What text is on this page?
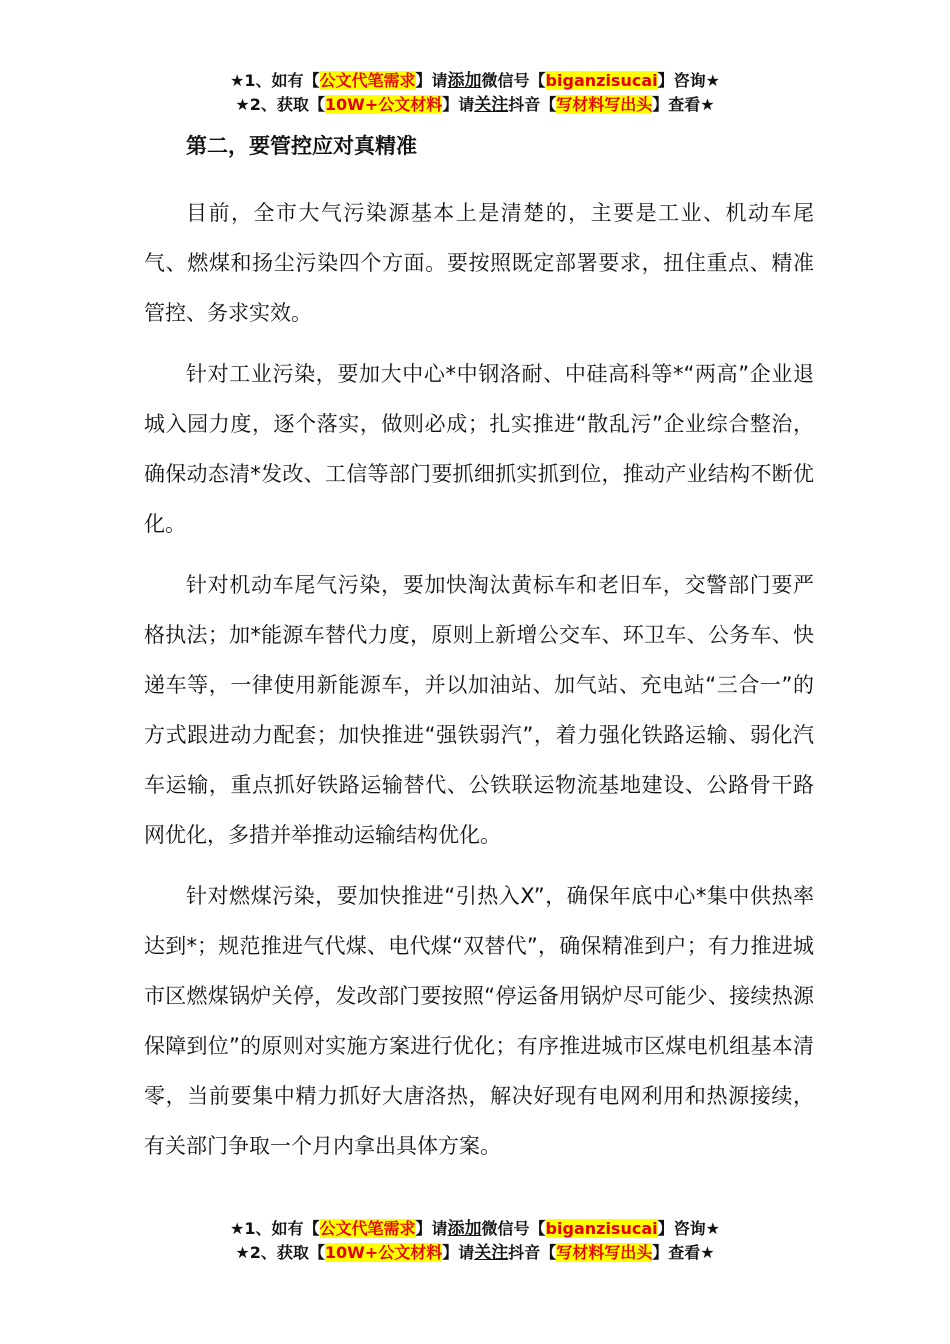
★1、如有【公文代笔需求】请添加微信号【biganzisucai】咨询★
★2、获取【10W+公文材料】请关注抖音【写材料写出头】查看★
第二，要管控应对真精准

目前，全市大气污染源基本上是清楚的，主要是工业、机动车尾气、燃煤和扬尘污染四个方面。要按照既定部署要求，扭住重点、精准管控、务求实效。

针对工业污染，要加大中心*中钢洛耐、中硅高科等*“两高”企业退城入园力度，逐个落实，做则必成；扎实推进“散乱污”企业综合整治，确保动态清*发改、工信等部门要抓细抓实抓到位，推动产业结构不断优化。

针对机动车尾气污染，要加快淘汰黄标车和老旧车，交警部门要严格执法；加*能源车替代力度，原则上新增公交车、环卫车、公务车、快递车等，一律使用新能源车，并以加油站、加气站、充电站“三合一”的方式跟进动力配套；加快推进“强铁弱汽”，着力强化铁路运输、弱化汽车运输，重点抓好铁路运输替代、公铁联运物流基地建设、公路骨干路网优化，多措并举推动运输结构优化。

针对燃煤污染，要加快推进“引热入X”，确保年底中心*集中供热率达到*；规范推进气代煤、电代煤“双替代”，确保精准到户；有力推进城市区燃煤锅炉关停，发改部门要按照“停运备用锅炉尽可能少、接续热源保障到位”的原则对实施方案进行优化；有序推进城市区煤电机组基本清零，当前要集中精力抓好大唐洛热，解决好现有电网利用和热源接续，有关部门争取一个月内拿出具体方案。

★1、如有【公文代笔需求】请添加微信号【biganzisucai】咨询★
★2、获取【10W+公文材料】请关注抖音【写材料写出头】查看★
